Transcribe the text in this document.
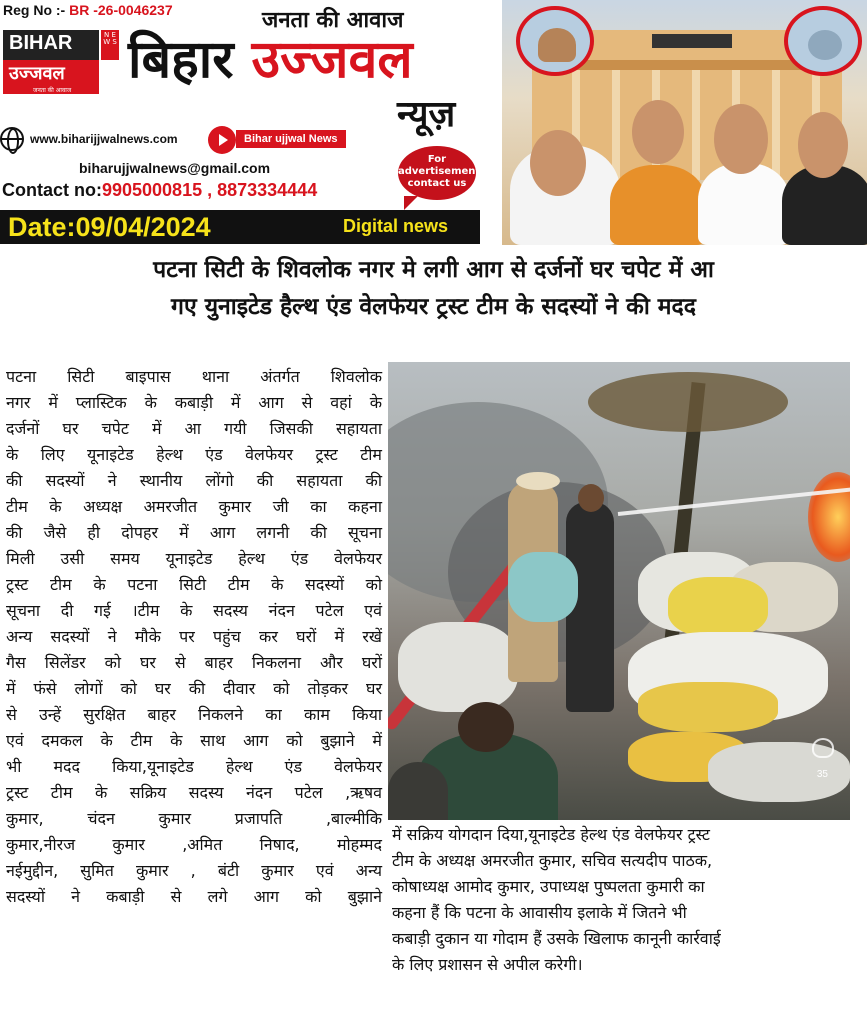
Reg No :- BR -26-0046237	जनता की आवाज
BIHAR	N E W S
उज्जवल
जनता की आवाज
बिहार उज्जवल
न्यूज़
www.biharijjwalnews.com	Bihar ujjwal News
biharujjwalnews@gmail.com
Contact no:9905000815 , 8873334444
For
advertisement
contact us
Date:09/04/2024	Digital news
पटना सिटी के शिवलोक नगर मे लगी आग से दर्जनों घर चपेट में आ
गए युनाइटेड हैल्थ एंड वेलफेयर ट्रस्ट टीम के सदस्यों ने की मदद
पटना सिटी बाइपास थाना अंतर्गत शिवलोक
नगर में प्लास्टिक के कबाड़ी में आग से वहां के
दर्जनों घर चपेट में आ गयी जिसकी सहायता
के लिए यूनाइटेड हेल्थ एंड वेलफेयर ट्रस्ट टीम
की सदस्यों ने स्थानीय लोंगो की सहायता की
टीम के अध्यक्ष अमरजीत कुमार जी का कहना
की जैसे ही दोपहर में आग लगनी की सूचना
मिली उसी समय यूनाइटेड हेल्थ एंड वेलफेयर
ट्रस्ट टीम के पटना सिटी टीम के सदस्यों को
सूचना दी गई ।टीम के सदस्य नंदन पटेल एवं
अन्य सदस्यों ने मौके पर पहुंच कर घरों में रखें
गैस सिलेंडर को घर से बाहर निकलना और घरों
में फंसे लोगों को घर की दीवार को तोड़कर घर
से उन्हें सुरक्षित बाहर निकलने का काम किया
एवं दमकल के टीम के साथ आग को बुझाने में
भी मदद किया,यूनाइटेड हेल्थ एंड वेलफेयर
ट्रस्ट टीम के सक्रिय सदस्य नंदन पटेल ,ऋषव
कुमार, चंदन कुमार प्रजापति ,बाल्मीकि
कुमार,नीरज कुमार ,अमित निषाद, मोहम्मद
नईमुद्दीन, सुमित कुमार , बंटी कुमार एवं अन्य
सदस्यों ने कबाड़ी से लगे आग को बुझाने
35
में सक्रिय योगदान दिया,यूनाइटेड हेल्थ एंड वेलफेयर ट्रस्ट
टीम के अध्यक्ष अमरजीत कुमार, सचिव सत्यदीप पाठक,
कोषाध्यक्ष आमोद कुमार, उपाध्यक्ष पुष्पलता कुमारी का
कहना हैं कि पटना के आवासीय इलाके में जितने भी
कबाड़ी दुकान या गोदाम हैं उसके खिलाफ कानूनी कार्रवाई
के लिए प्रशासन से अपील करेगी।
